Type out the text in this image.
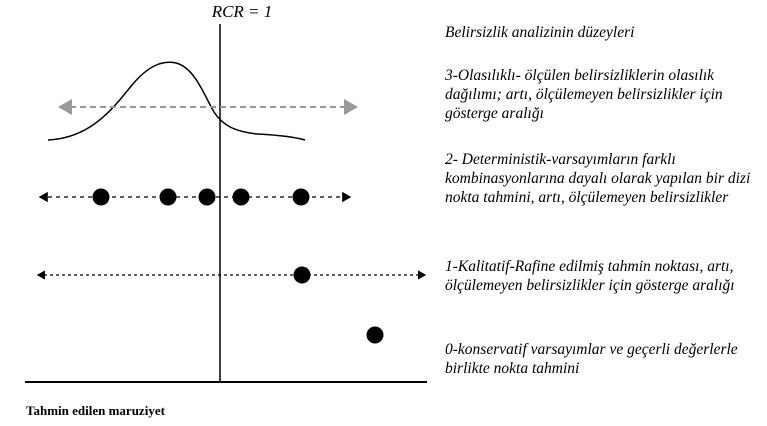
RCR = 1
Tahmin edilen maruziyet
Belirsizlik analizinin düzeyleri
3-Olasılıklı- ölçülen belirsizliklerin olasılık dağılımı; artı, ölçülemeyen belirsizlikler için gösterge aralığı
2- Deterministik-varsayımların farklı kombinasyonlarına dayalı olarak yapılan bir dizi nokta tahmini, artı, ölçülemeyen belirsizlikler
1-Kalitatif-Rafine edilmiş tahmin noktası, artı, ölçülemeyen belirsizlikler için gösterge aralığı
0-konservatif varsayımlar ve geçerli değerlerle birlikte nokta tahmini
